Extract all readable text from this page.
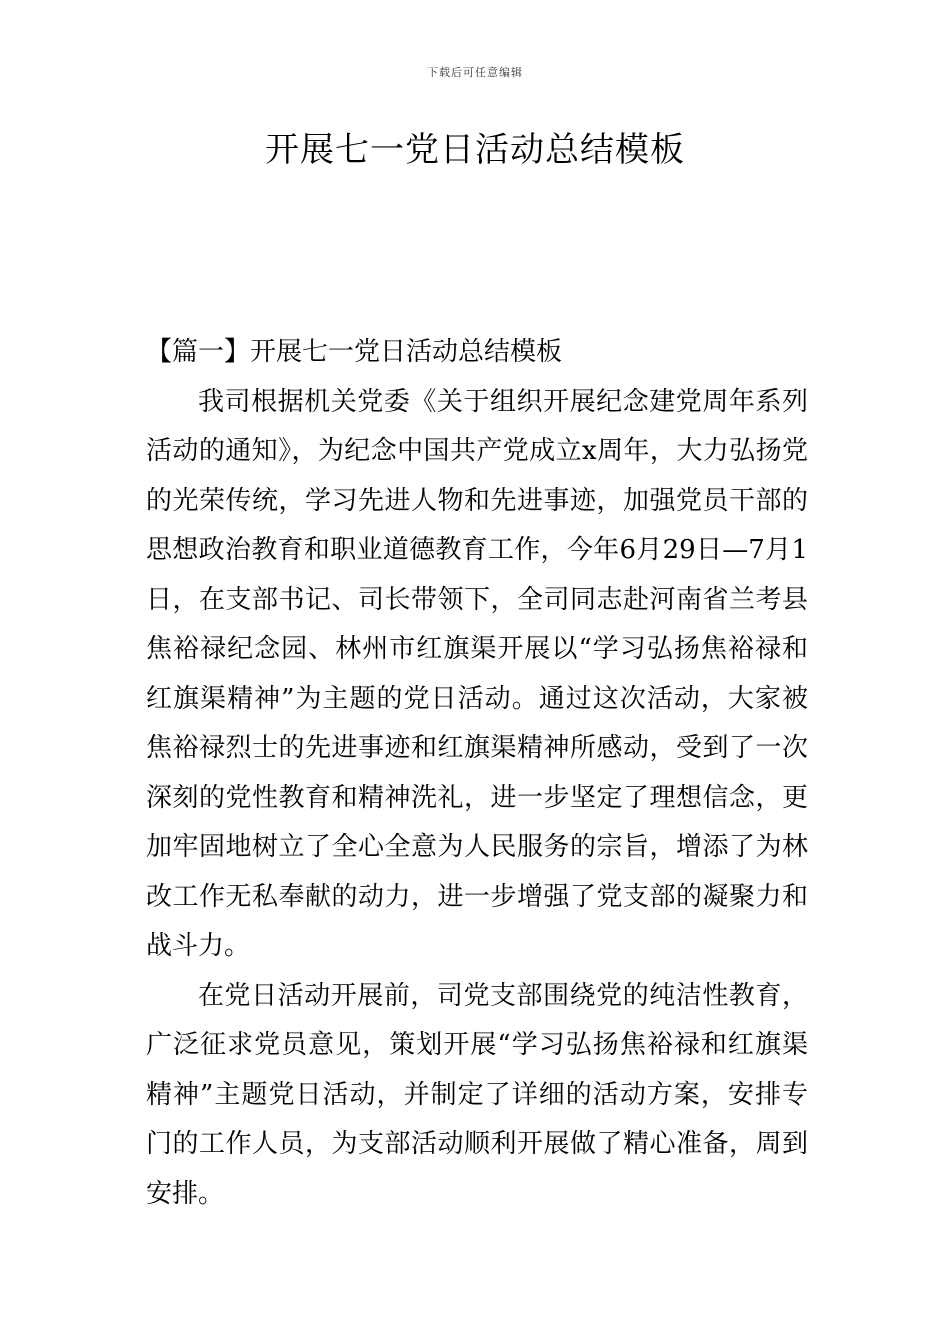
下载后可任意编辑
开展七一党日活动总结模板
【篇一】开展七一党日活动总结模板

我司根据机关党委《关于组织开展纪念建党周年系列活动的通知》，为纪念中国共产党成立x周年，大力弘扬党的光荣传统，学习先进人物和先进事迹，加强党员干部的思想政治教育和职业道德教育工作，今年6月29日—7月1日，在支部书记、司长带领下，全司同志赴河南省兰考县焦裕禄纪念园、林州市红旗渠开展以“学习弘扬焦裕禄和红旗渠精神”为主题的党日活动。通过这次活动，大家被焦裕禄烈士的先进事迹和红旗渠精神所感动，受到了一次深刻的党性教育和精神洗礼，进一步坚定了理想信念，更加牢固地树立了全心全意为人民服务的宗旨，增添了为林改工作无私奉献的动力，进一步增强了党支部的凝聚力和战斗力。

在党日活动开展前，司党支部围绕党的纯洁性教育，广泛征求党员意见，策划开展“学习弘扬焦裕禄和红旗渠精神”主题党日活动，并制定了详细的活动方案，安排专门的工作人员，为支部活动顺利开展做了精心准备，周到安排。
